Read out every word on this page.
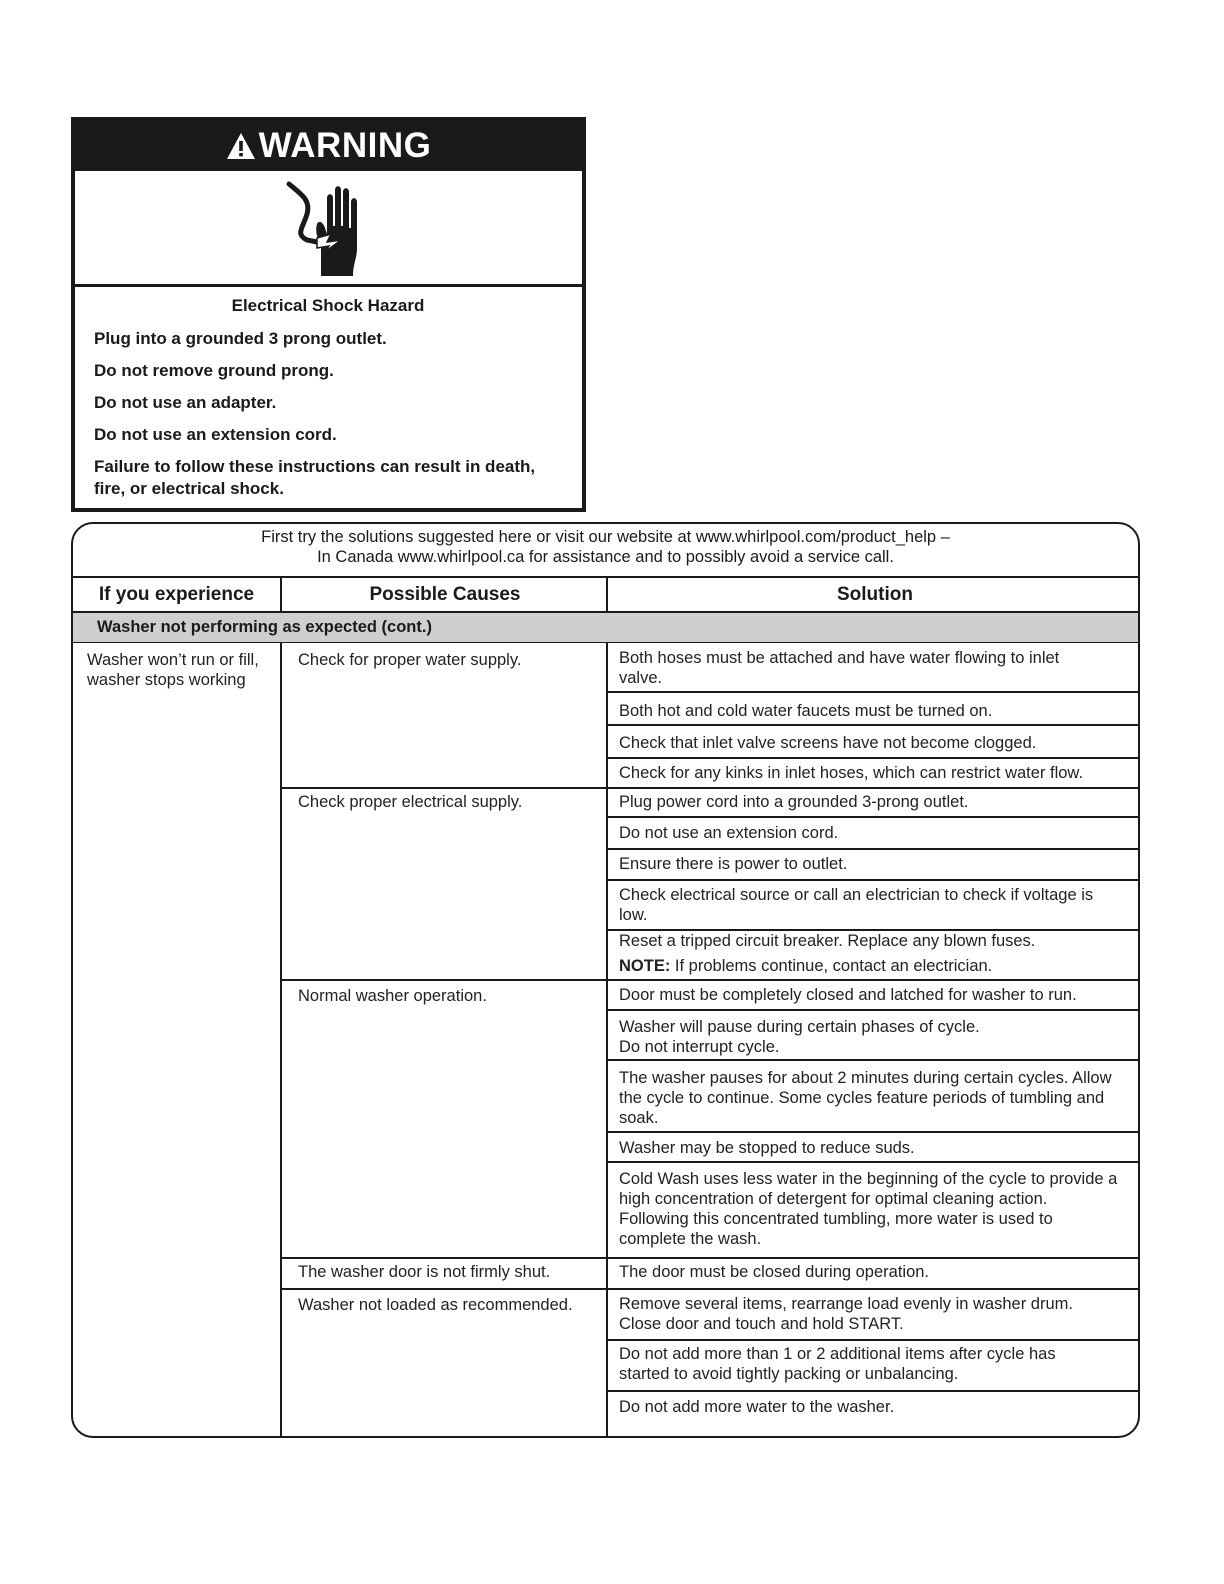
WARNING
Electrical Shock Hazard
Plug into a grounded 3 prong outlet.
Do not remove ground prong.
Do not use an adapter.
Do not use an extension cord.
Failure to follow these instructions can result in death, fire, or electrical shock.
First try the solutions suggested here or visit our website at www.whirlpool.com/product_help –
In Canada www.whirlpool.ca for assistance and to possibly avoid a service call.
If you experience	Possible Causes	Solution
Washer not performing as expected (cont.)
Washer won’t run or fill, washer stops working
Check for proper water supply.
Check proper electrical supply.
Normal washer operation.
The washer door is not firmly shut.
Washer not loaded as recommended.
Both hoses must be attached and have water flowing to inlet valve.
Both hot and cold water faucets must be turned on.
Check that inlet valve screens have not become clogged.
Check for any kinks in inlet hoses, which can restrict water flow.
Plug power cord into a grounded 3-prong outlet.
Do not use an extension cord.
Ensure there is power to outlet.
Check electrical source or call an electrician to check if voltage is low.
Reset a tripped circuit breaker. Replace any blown fuses.
NOTE: If problems continue, contact an electrician.
Door must be completely closed and latched for washer to run.
Washer will pause during certain phases of cycle.
Do not interrupt cycle.
The washer pauses for about 2 minutes during certain cycles. Allow the cycle to continue. Some cycles feature periods of tumbling and soak.
Washer may be stopped to reduce suds.
Cold Wash uses less water in the beginning of the cycle to provide a high concentration of detergent for optimal cleaning action. Following this concentrated tumbling, more water is used to complete the wash.
The door must be closed during operation.
Remove several items, rearrange load evenly in washer drum. Close door and touch and hold START.
Do not add more than 1 or 2 additional items after cycle has started to avoid tightly packing or unbalancing.
Do not add more water to the washer.
